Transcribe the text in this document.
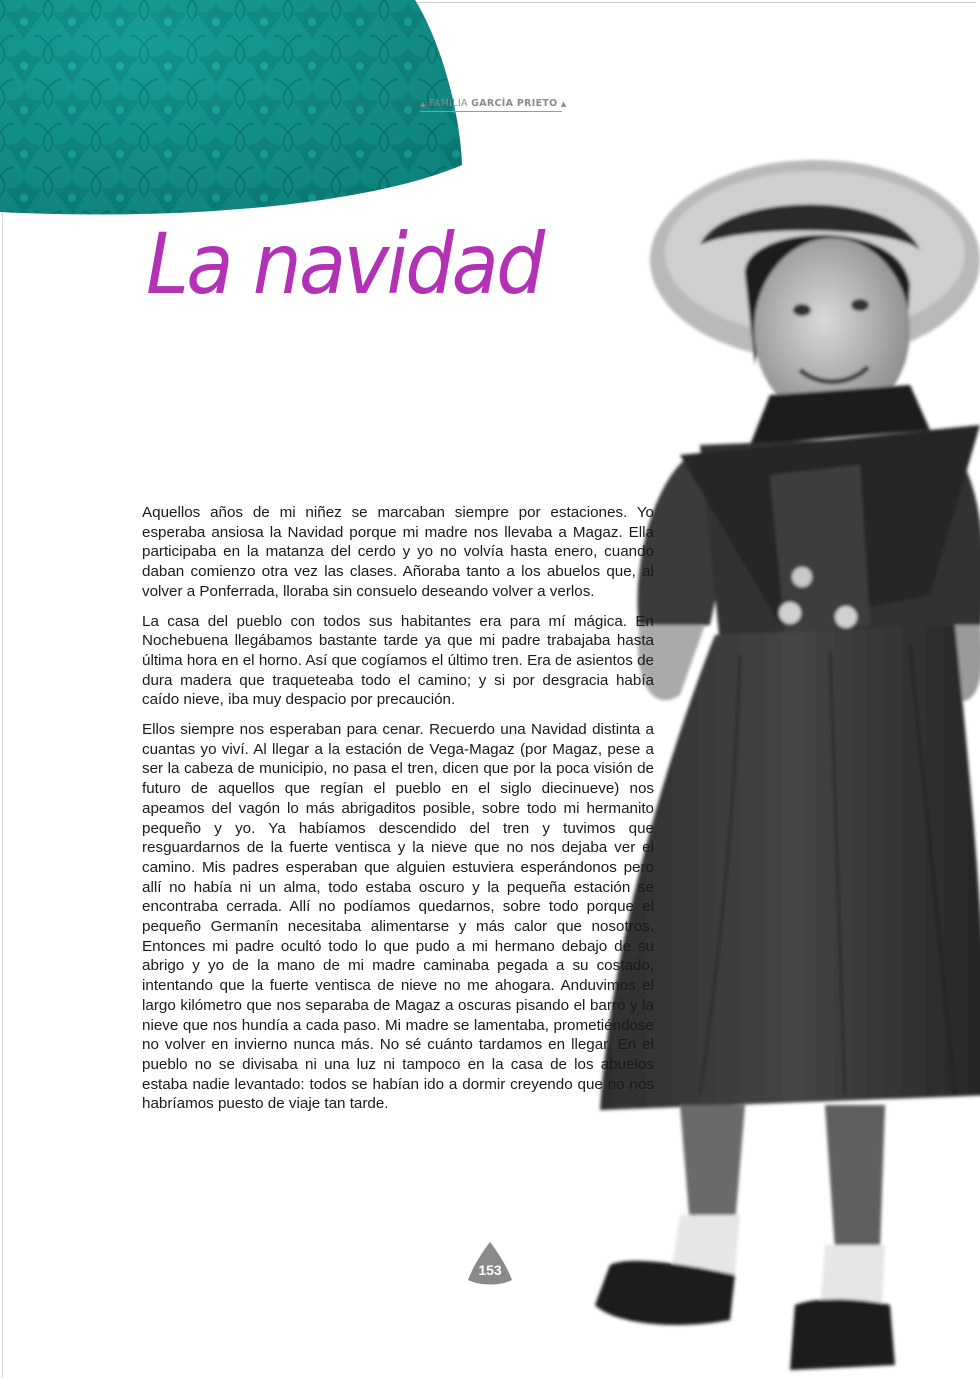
▲ FAMILIA GARCÍA PRIETO ▲
La navidad

Aquellos años de mi niñez se marcaban siempre por estaciones. Yo esperaba ansiosa la Navidad porque mi madre nos llevaba a Magaz. Ella participaba en la matanza del cerdo y yo no volvía hasta enero, cuando daban comienzo otra vez las clases. Añoraba tanto a los abuelos que, al volver a Ponferrada, lloraba sin consuelo deseando volver a verlos.

La casa del pueblo con todos sus habitantes era para mí mágica. En Nochebuena llegábamos bastante tarde ya que mi padre trabajaba hasta última hora en el horno. Así que cogíamos el último tren. Era de asientos de dura madera que traqueteaba todo el camino; y si por desgracia había caído nieve, iba muy despacio por precaución.

Ellos siempre nos esperaban para cenar. Recuerdo una Navidad distinta a cuantas yo viví. Al llegar a la estación de Vega-Magaz (por Magaz, pese a ser la cabeza de municipio, no pasa el tren, dicen que por la poca visión de futuro de aquellos que regían el pueblo en el siglo diecinueve) nos apeamos del vagón lo más abrigaditos posible, sobre todo mi hermanito pequeño y yo. Ya habíamos descendido del tren y tuvimos que resguardarnos de la fuerte ventisca y la nieve que no nos dejaba ver el camino. Mis padres esperaban que alguien estuviera esperándonos pero allí no había ni un alma, todo estaba oscuro y la pequeña estación se encontraba cerrada. Allí no podíamos quedarnos, sobre todo porque el pequeño Germanín necesitaba alimentarse y más calor que nosotros. Entonces mi padre ocultó todo lo que pudo a mi hermano debajo de su abrigo y yo de la mano de mi madre caminaba pegada a su costado, intentando que la fuerte ventisca de nieve no me ahogara. Anduvimos el largo kilómetro que nos separaba de Magaz a oscuras pisando el barro y la nieve que nos hundía a cada paso. Mi madre se lamentaba, prometiéndose no volver en invierno nunca más. No sé cuánto tardamos en llegar. En el pueblo no se divisaba ni una luz ni tampoco en la casa de los abuelos estaba nadie levantado: todos se habían ido a dormir creyendo que no nos habríamos puesto de viaje tan tarde.

153
